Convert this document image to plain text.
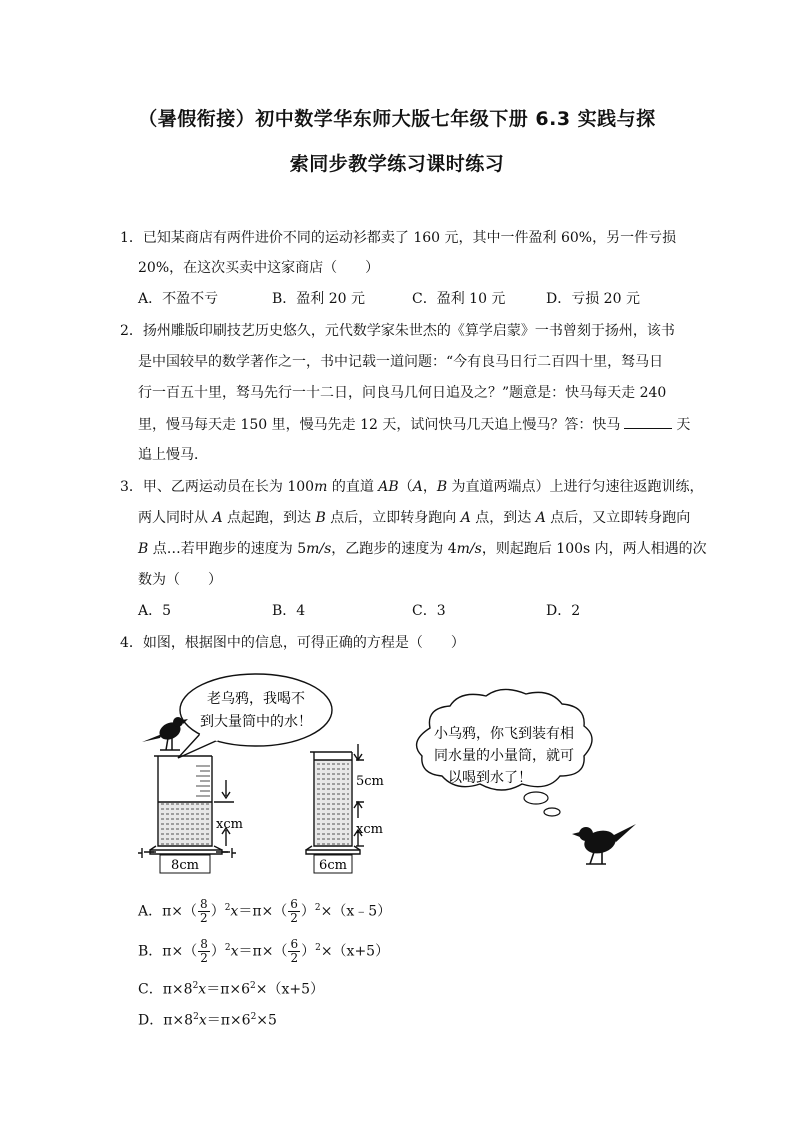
（暑假衔接）初中数学华东师大版七年级下册 6.3 实践与探
索同步教学练习课时练习
1．已知某商店有两件进价不同的运动衫都卖了 160 元，其中一件盈利 60%，另一件亏损
20%，在这次买卖中这家商店（　　）
A．不盈不亏	B．盈利 20 元	C．盈利 10 元	D．亏损 20 元
2．扬州雕版印刷技艺历史悠久，元代数学家朱世杰的《算学启蒙》一书曾刻于扬州，该书
是中国较早的数学著作之一，书中记载一道问题：“今有良马日行二百四十里，驽马日
行一百五十里，驽马先行一十二日，问良马几何日追及之？”题意是：快马每天走 240
里，慢马每天走 150 里，慢马先走 12 天，试问快马几天追上慢马？答：快马	天
追上慢马．
3．甲、乙两运动员在长为 100m 的直道 AB（A，B 为直道两端点）上进行匀速往返跑训练，
两人同时从 A 点起跑，到达 B 点后，立即转身跑向 A 点，到达 A 点后，又立即转身跑向
B 点…若甲跑步的速度为 5m/s，乙跑步的速度为 4m/s，则起跑后 100s 内，两人相遇的次
数为（　　）
A．5	B．4	C．3	D．2
4．如图，根据图中的信息，可得正确的方程是（　　）
老乌鸦，我喝不
到大量筒中的水！
xcm
8cm
5cm
xcm
6cm
小乌鸦，你飞到装有相
同水量的小量筒，就可
以喝到水了！
A．$\pi\times( \frac{8}{2} )^2x=\pi\times( \frac{6}{2}$ ）$^2\times(x﹣5)$
B．$\pi\times( \frac{8}{2} )^2x=\pi\times( \frac{6}{2} )^2\times(x+5)$
C．$\pi\times 8^2x=\pi\times 6^2\times(x+5)$
D．$\pi\times 8^2x=\pi\times 6^2\times 5$
